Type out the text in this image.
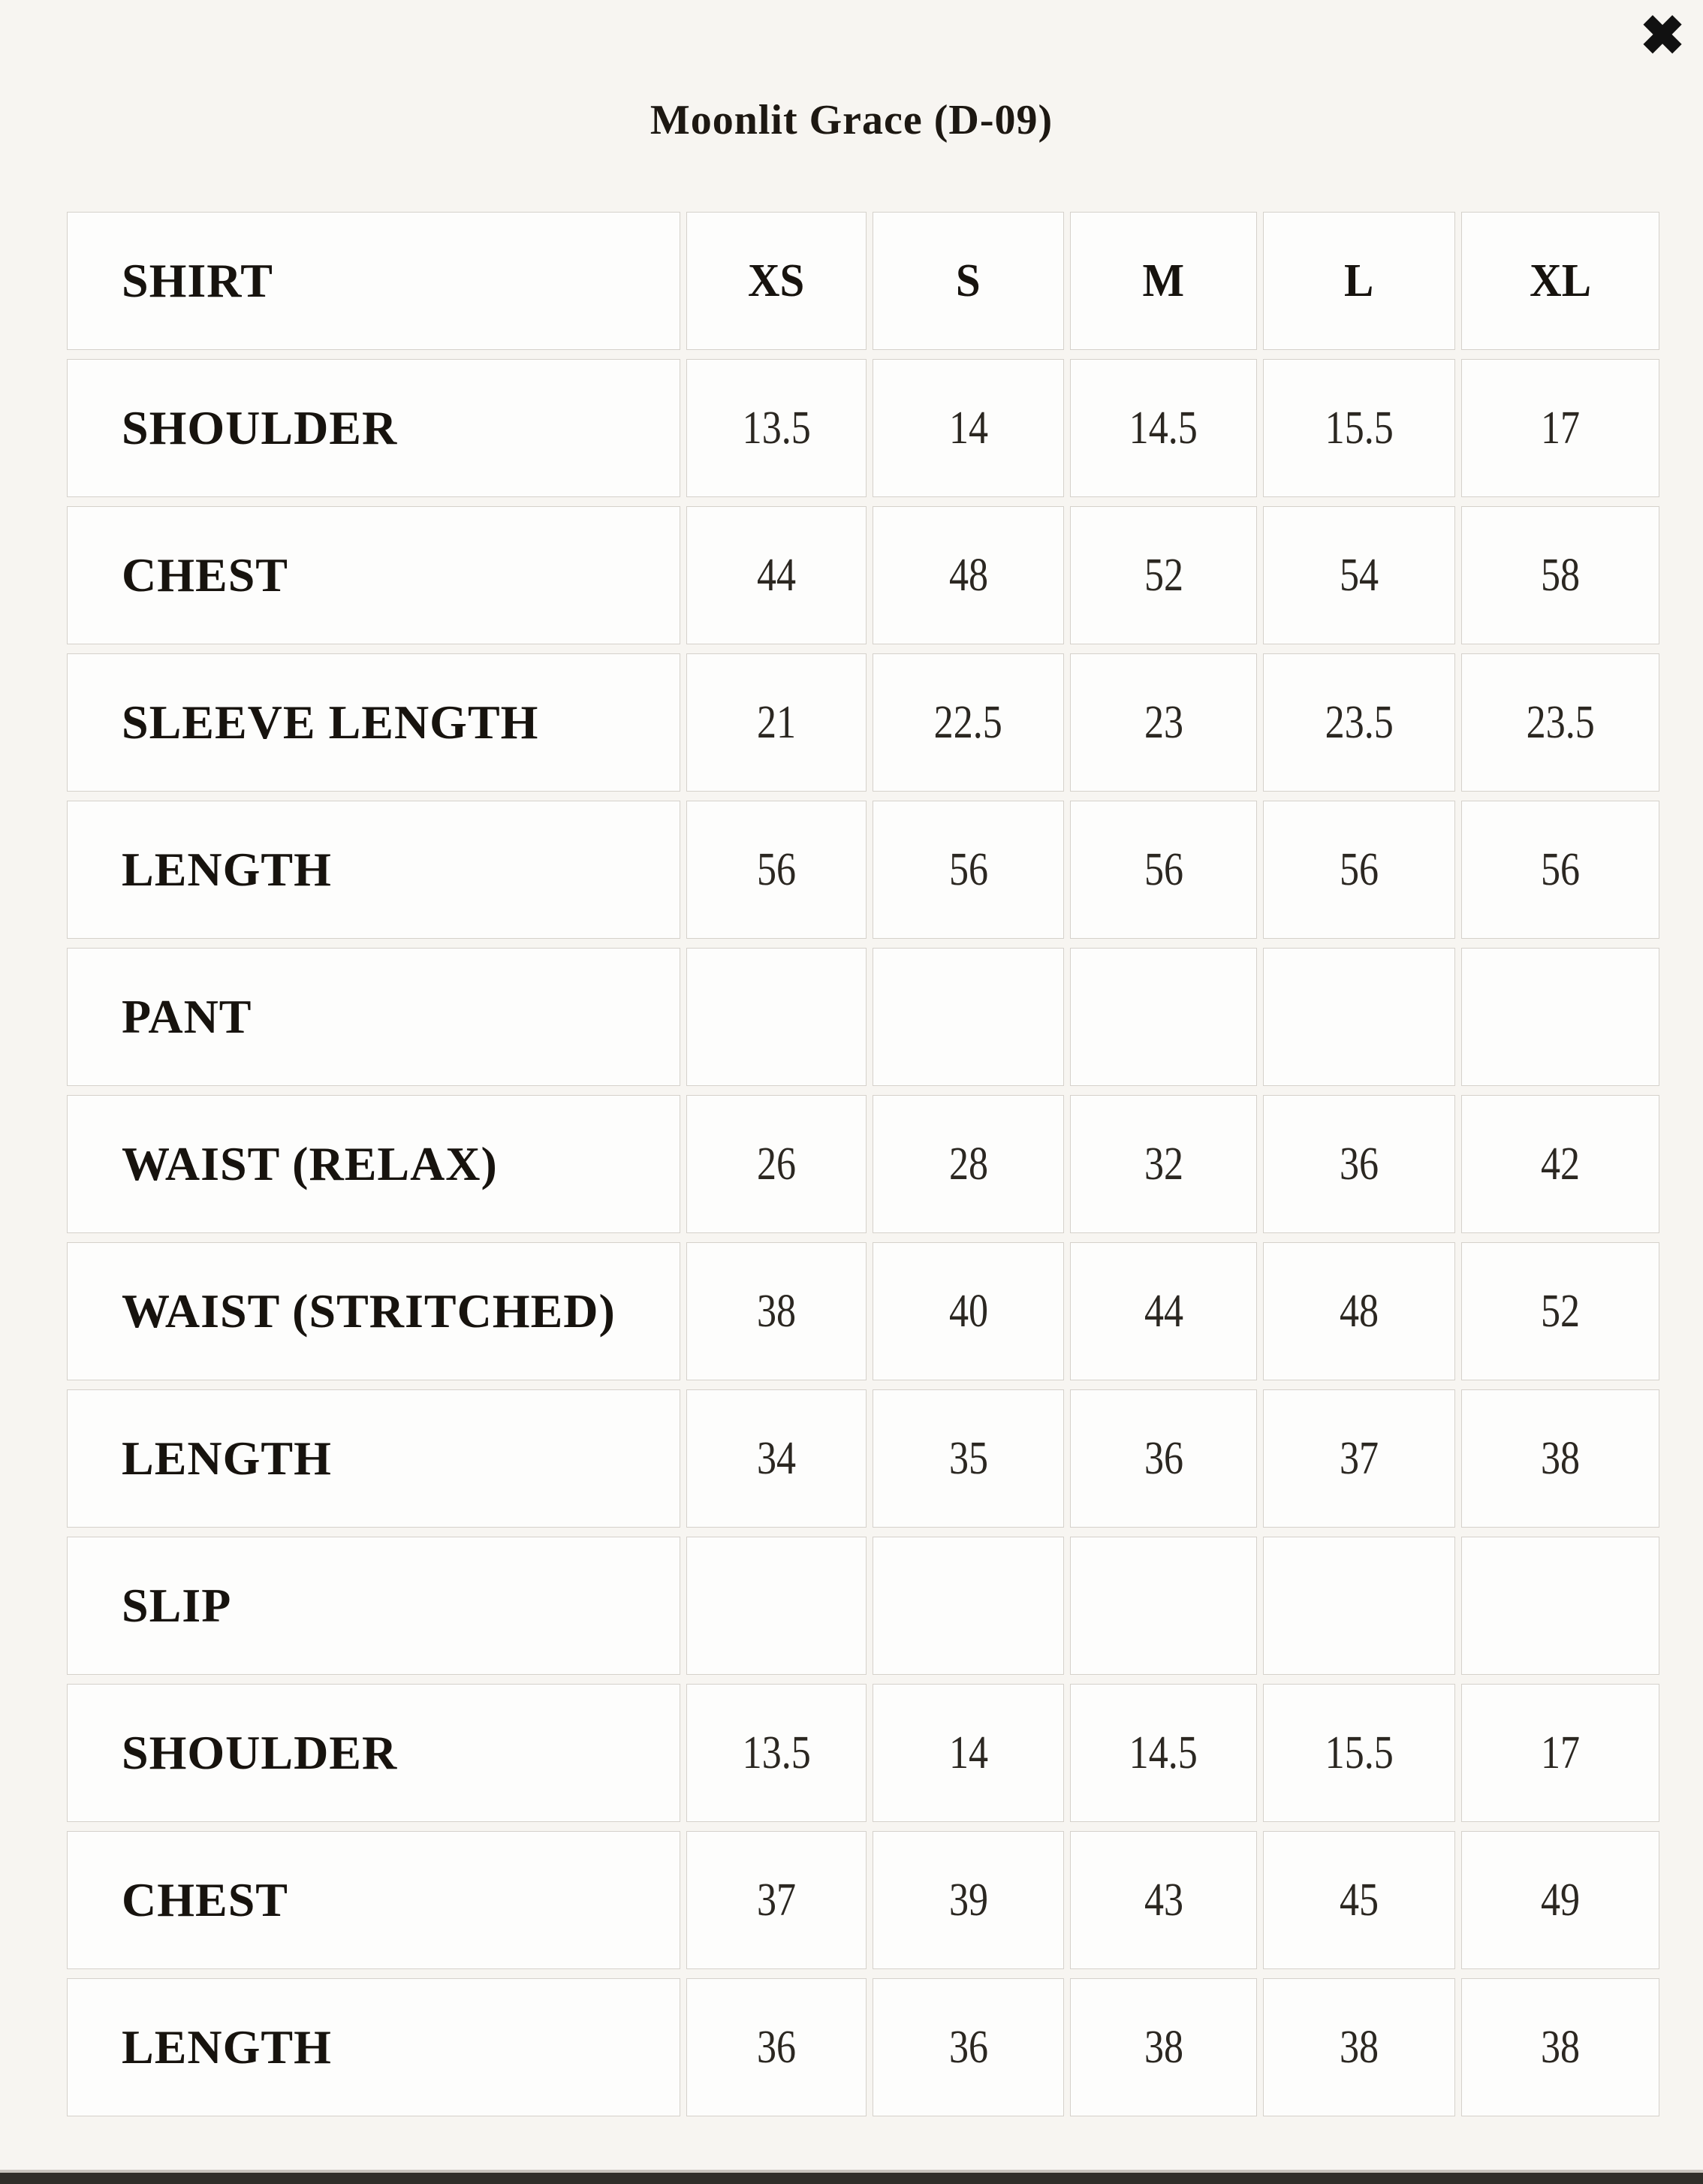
✖
Moonlit Grace (D-09)
SHIRT	XS	S	M	L	XL
SHOULDER	13.5	14	14.5	15.5	17
CHEST	44	48	52	54	58
SLEEVE LENGTH	21	22.5	23	23.5	23.5
LENGTH	56	56	56	56	56
PANT
WAIST (RELAX)	26	28	32	36	42
WAIST (STRITCHED)	38	40	44	48	52
LENGTH	34	35	36	37	38
SLIP
SHOULDER	13.5	14	14.5	15.5	17
CHEST	37	39	43	45	49
LENGTH	36	36	38	38	38
